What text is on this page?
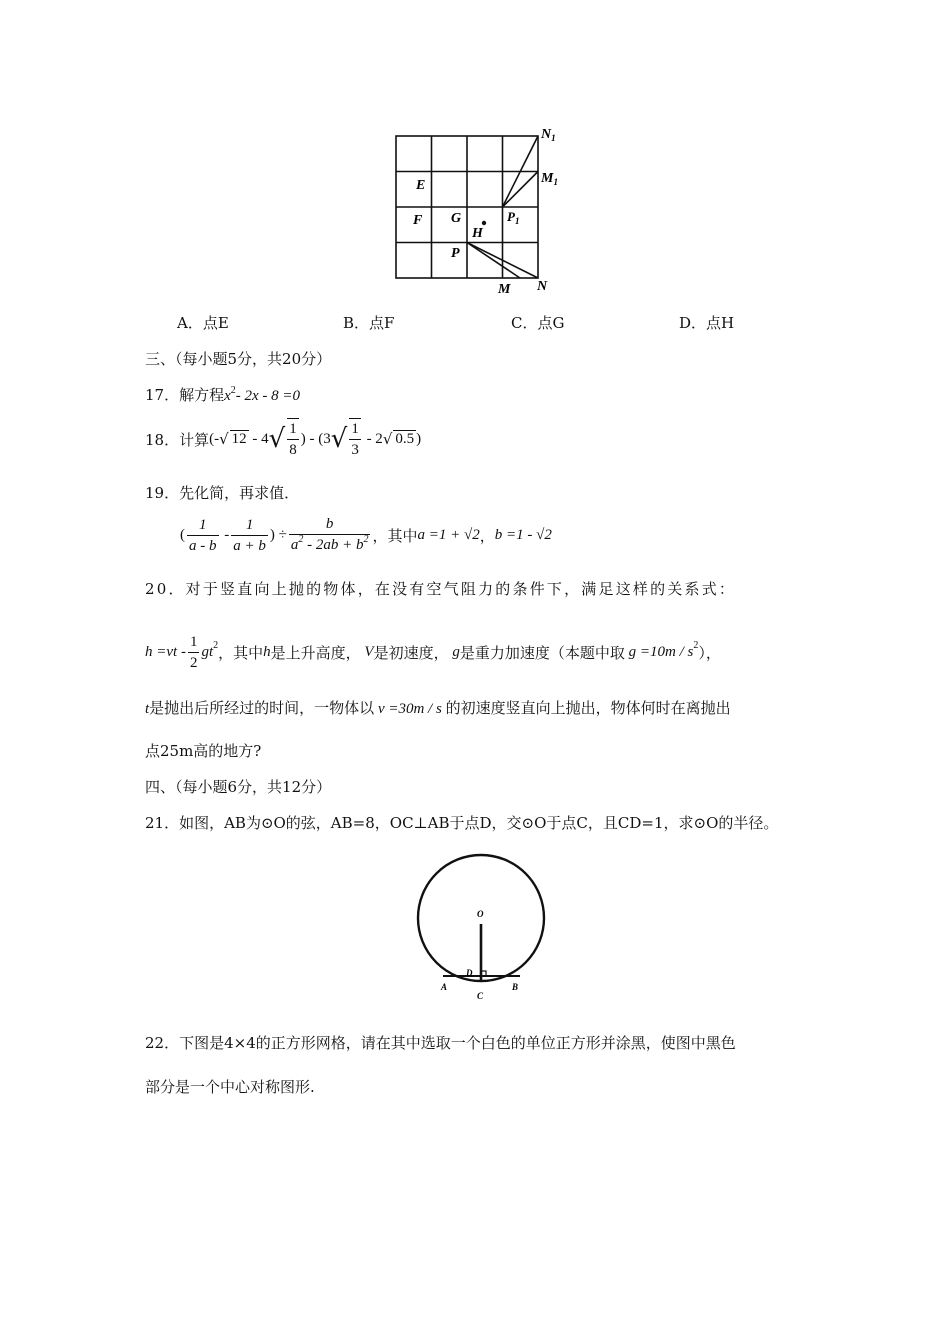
$N_1$
$M_1$
E
F G
H
$P_1$
P
M N
A．点E	B．点F	C．点G	D．点H
三、（每小题5分，共20分）
17．解方程$x^2-$ 2x - 8 =0
18．计算 (- √ 12 - 4 √ $\frac{1}{8}$ ) - (3 √ $\frac{1}{3} - 2$ √ 0.5 )
19．先化简，再求值．
( $\frac{1}{a - b} - \frac{1}{a + b}$ ) ÷ $\frac{b}{a^2 - 2ab + b^2}$ ，其中 a =1 + √2 ， b =1 - √2
20．对于竖直向上抛的物体，在没有空气阻力的条件下，满足这样的关系式：
$h =vt - \frac{1}{2}$ gt 2 ，其中 h 是上升高度， V 是初速度， g 是重力加速度（本题中取 g =10m / s 2 ），
t是抛出后所经过的时间，一物体以 v =30m / s 的初速度竖直向上抛出，物体何时在离抛出
点25m高的地方?
四、（每小题6分，共12分）
21．如图，AB为⊙O的弦，AB=8，OC⊥AB于点D，交⊙O于点C，且CD=1，求⊙O的半径。
O
D
A
C
B
22．下图是4×4的正方形网格，请在其中选取一个白色的单位正方形并涂黑，使图中黑色
部分是一个中心对称图形.
